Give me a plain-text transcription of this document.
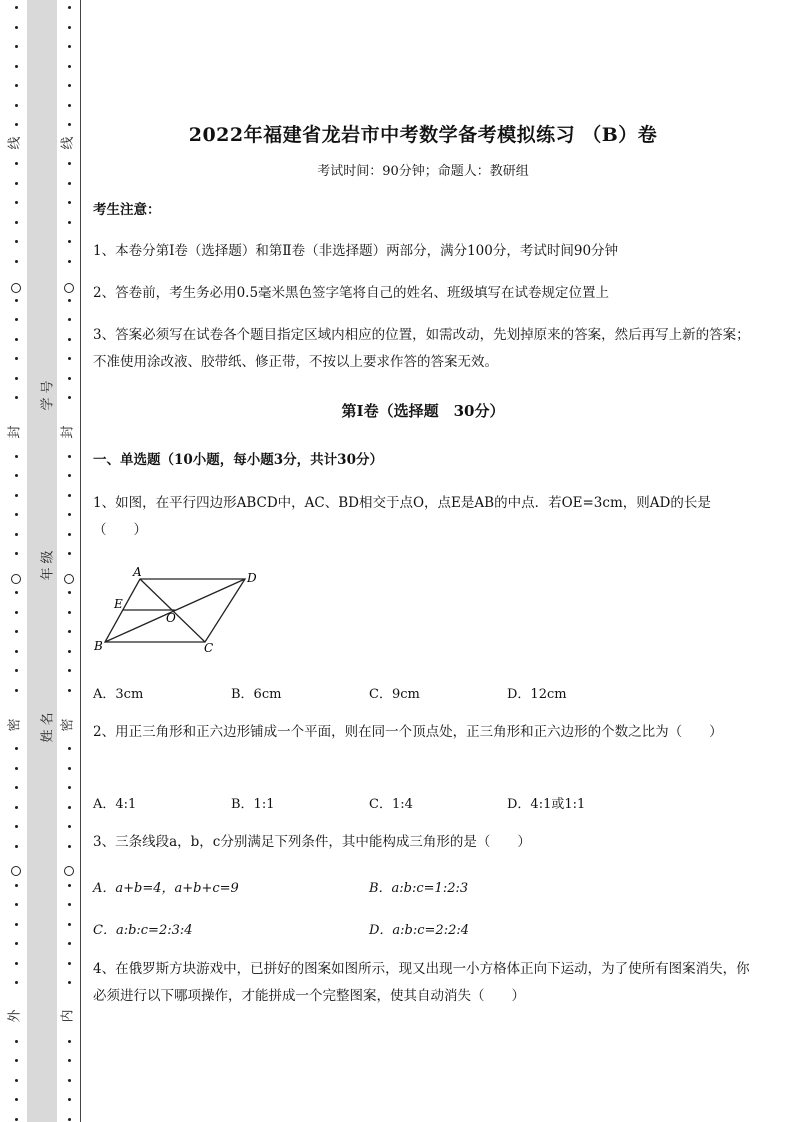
线
封
密
外
线
封
密
内
学号
年级
姓名
2022年福建省龙岩市中考数学备考模拟练习 （B）卷
考试时间：90分钟；命题人：教研组
考生注意：
1、本卷分第I卷（选择题）和第Ⅱ卷（非选择题）两部分，满分100分，考试时间90分钟
2、答卷前，考生务必用0.5毫米黑色签字笔将自己的姓名、班级填写在试卷规定位置上
3、答案必须写在试卷各个题目指定区域内相应的位置，如需改动，先划掉原来的答案，然后再写上新的答案；不准使用涂改液、胶带纸、修正带，不按以上要求作答的答案无效。
第I卷（选择题　30分）
一、单选题（10小题，每小题3分，共计30分）
1、如图，在平行四边形ABCD中，AC、BD相交于点O，点E是AB的中点．若OE=3cm，则AD的长是（　　）
A	D
E
O
B	C
A．3cm	B．6cm	C．9cm	D．12cm
2、用正三角形和正六边形铺成一个平面，则在同一个顶点处，正三角形和正六边形的个数之比为（　　）
A．4:1	B．1:1	C．1:4	D．4:1或1:1
3、三条线段a，b，c分别满足下列条件，其中能构成三角形的是（　　）
A．a+b=4，a+b+c=9	B．a:b:c=1:2:3
C．a:b:c=2:3:4	D．a:b:c=2:2:4
4、在俄罗斯方块游戏中，已拼好的图案如图所示，现又出现一小方格体正向下运动，为了使所有图案消失，你必须进行以下哪项操作，才能拼成一个完整图案，使其自动消失（　　）
